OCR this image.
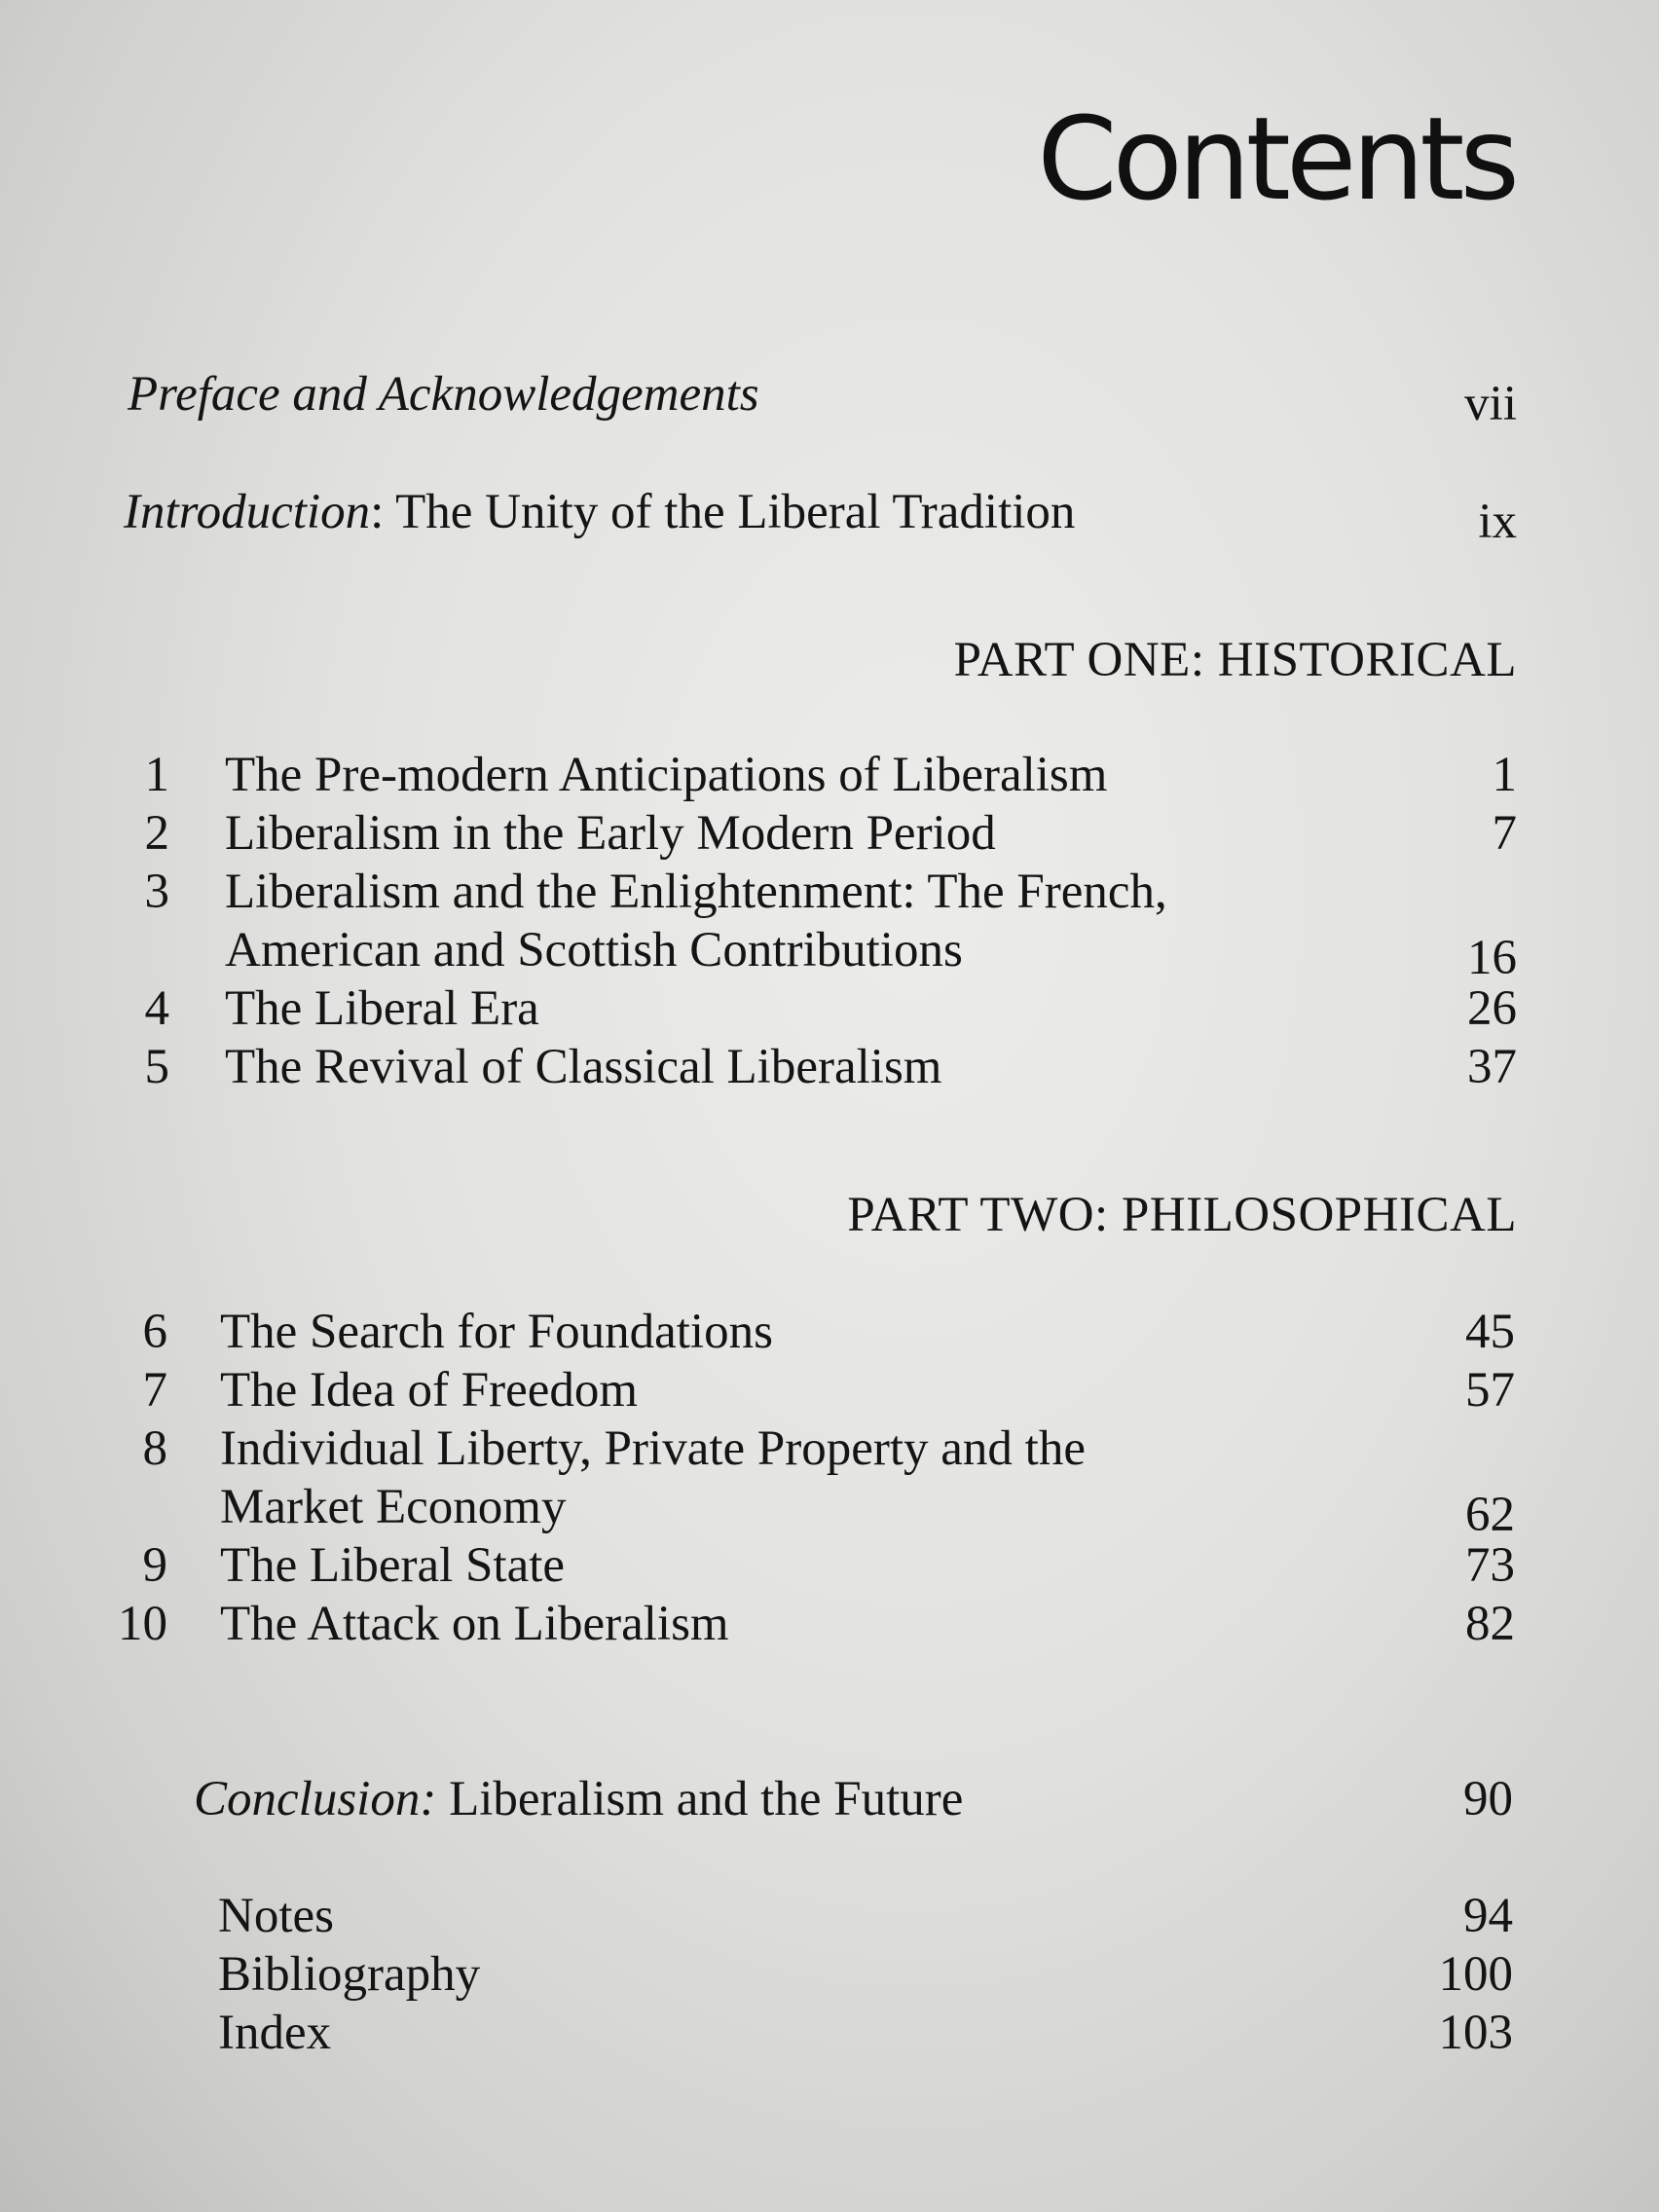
Contents
Preface and Acknowledgements	vii
Introduction: The Unity of the Liberal Tradition	ix
PART ONE: HISTORICAL
1 The Pre-modern Anticipations of Liberalism	1
2 Liberalism in the Early Modern Period	7
3 Liberalism and the Enlightenment: The French,
American and Scottish Contributions	16
4 The Liberal Era	26
5 The Revival of Classical Liberalism	37
PART TWO: PHILOSOPHICAL
6 The Search for Foundations	45
7 The Idea of Freedom	57
8 Individual Liberty, Private Property and the
Market Economy	62
9 The Liberal State	73
10 The Attack on Liberalism	82
Conclusion: Liberalism and the Future	90
Notes	94
Bibliography	100
Index	103
